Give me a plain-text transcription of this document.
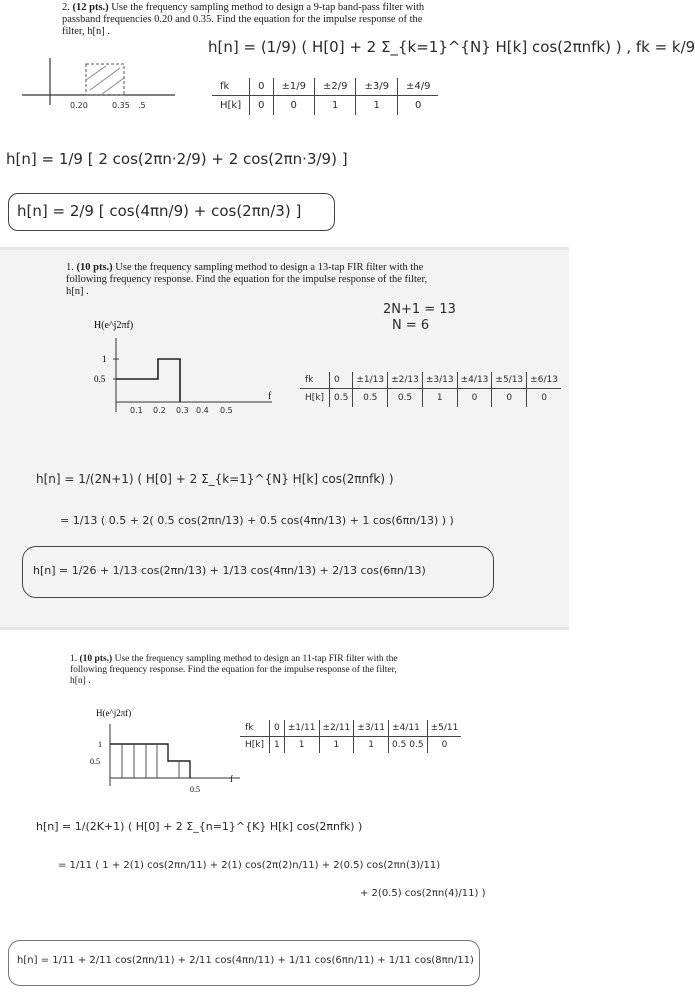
2. (12 pts.) Use the frequency sampling method to design a 9-tap band-pass filter with
passband frequencies 0.20 and 0.35. Find the equation for the impulse response of the
filter, h[n] .
0.20	0.35 .5
h[n] = (1/9) ( H[0] + 2 Σ_{k=1}^{N} H[k] cos(2πnfk) ) , fk = k/9
fk	0	±1/9	±2/9	±3/9	±4/9
H[k]	0	0	1	1	0
h[n] = 1/9 [ 2 cos(2πn·2/9) + 2 cos(2πn·3/9) ]
h[n] = 2/9 [ cos(4πn/9) + cos(2πn/3) ]
1. (10 pts.) Use the frequency sampling method to design a 13-tap FIR filter with the
following frequency response. Find the equation for the impulse response of the filter,
h[n] .
2N+1 = 13
N = 6
H(e^j2πf)
1
0.5
f
0.1 0.2 0.3 0.4 0.5
fk	0	±1/13	±2/13	±3/13	±4/13	±5/13	±6/13
H[k]	0.5	0.5	0.5	1	0	0	0
h[n] = 1/(2N+1) ( H[0] + 2 Σ_{k=1}^{N} H[k] cos(2πnfk) )
= 1/13 ( 0.5 + 2( 0.5 cos(2πn/13) + 0.5 cos(4πn/13) + 1 cos(6πn/13) ) )
h[n] = 1/26 + 1/13 cos(2πn/13) + 1/13 cos(4πn/13) + 2/13 cos(6πn/13)
1. (10 pts.) Use the frequency sampling method to design an 11-tap FIR filter with the
following frequency response. Find the equation for the impulse response of the filter,
h[n] .
H(e^j2πf)
1
0.5
0.5
f
fk	0	±1/11	±2/11	±3/11	±4/11	±5/11
H[k]	1	1	1	1	0.5 0.5	0
h[n] = 1/(2K+1) ( H[0] + 2 Σ_{n=1}^{K} H[k] cos(2πnfk) )
= 1/11 ( 1 + 2(1) cos(2πn/11) + 2(1) cos(2π(2)n/11) + 2(0.5) cos(2πn(3)/11)
+ 2(0.5) cos(2πn(4)/11) )
h[n] = 1/11 + 2/11 cos(2πn/11) + 2/11 cos(4πn/11) + 1/11 cos(6πn/11) + 1/11 cos(8πn/11)
